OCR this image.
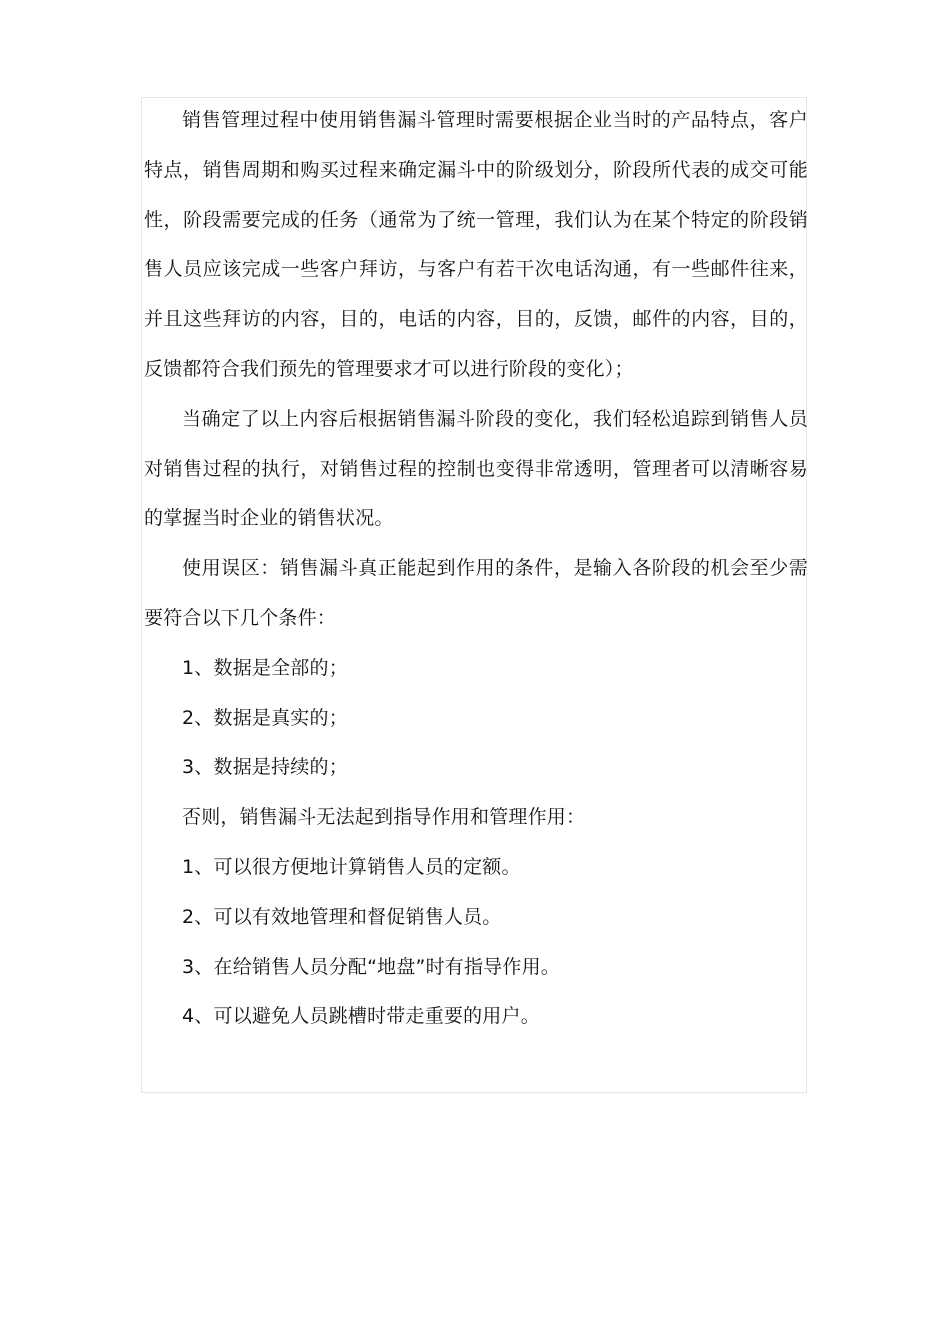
销售管理过程中使用销售漏斗管理时需要根据企业当时的产品特点，客户特点，销售周期和购买过程来确定漏斗中的阶级划分，阶段所代表的成交可能性，阶段需要完成的任务（通常为了统一管理，我们认为在某个特定的阶段销售人员应该完成一些客户拜访，与客户有若干次电话沟通，有一些邮件往来，并且这些拜访的内容，目的，电话的内容，目的，反馈，邮件的内容，目的，反馈都符合我们预先的管理要求才可以进行阶段的变化）；

当确定了以上内容后根据销售漏斗阶段的变化，我们轻松追踪到销售人员对销售过程的执行，对销售过程的控制也变得非常透明，管理者可以清晰容易的掌握当时企业的销售状况。

使用误区：销售漏斗真正能起到作用的条件，是输入各阶段的机会至少需要符合以下几个条件：

1、数据是全部的；

2、数据是真实的；

3、数据是持续的；

否则，销售漏斗无法起到指导作用和管理作用：

1、可以很方便地计算销售人员的定额。

2、可以有效地管理和督促销售人员。

3、在给销售人员分配“地盘”时有指导作用。

4、可以避免人员跳槽时带走重要的用户。
